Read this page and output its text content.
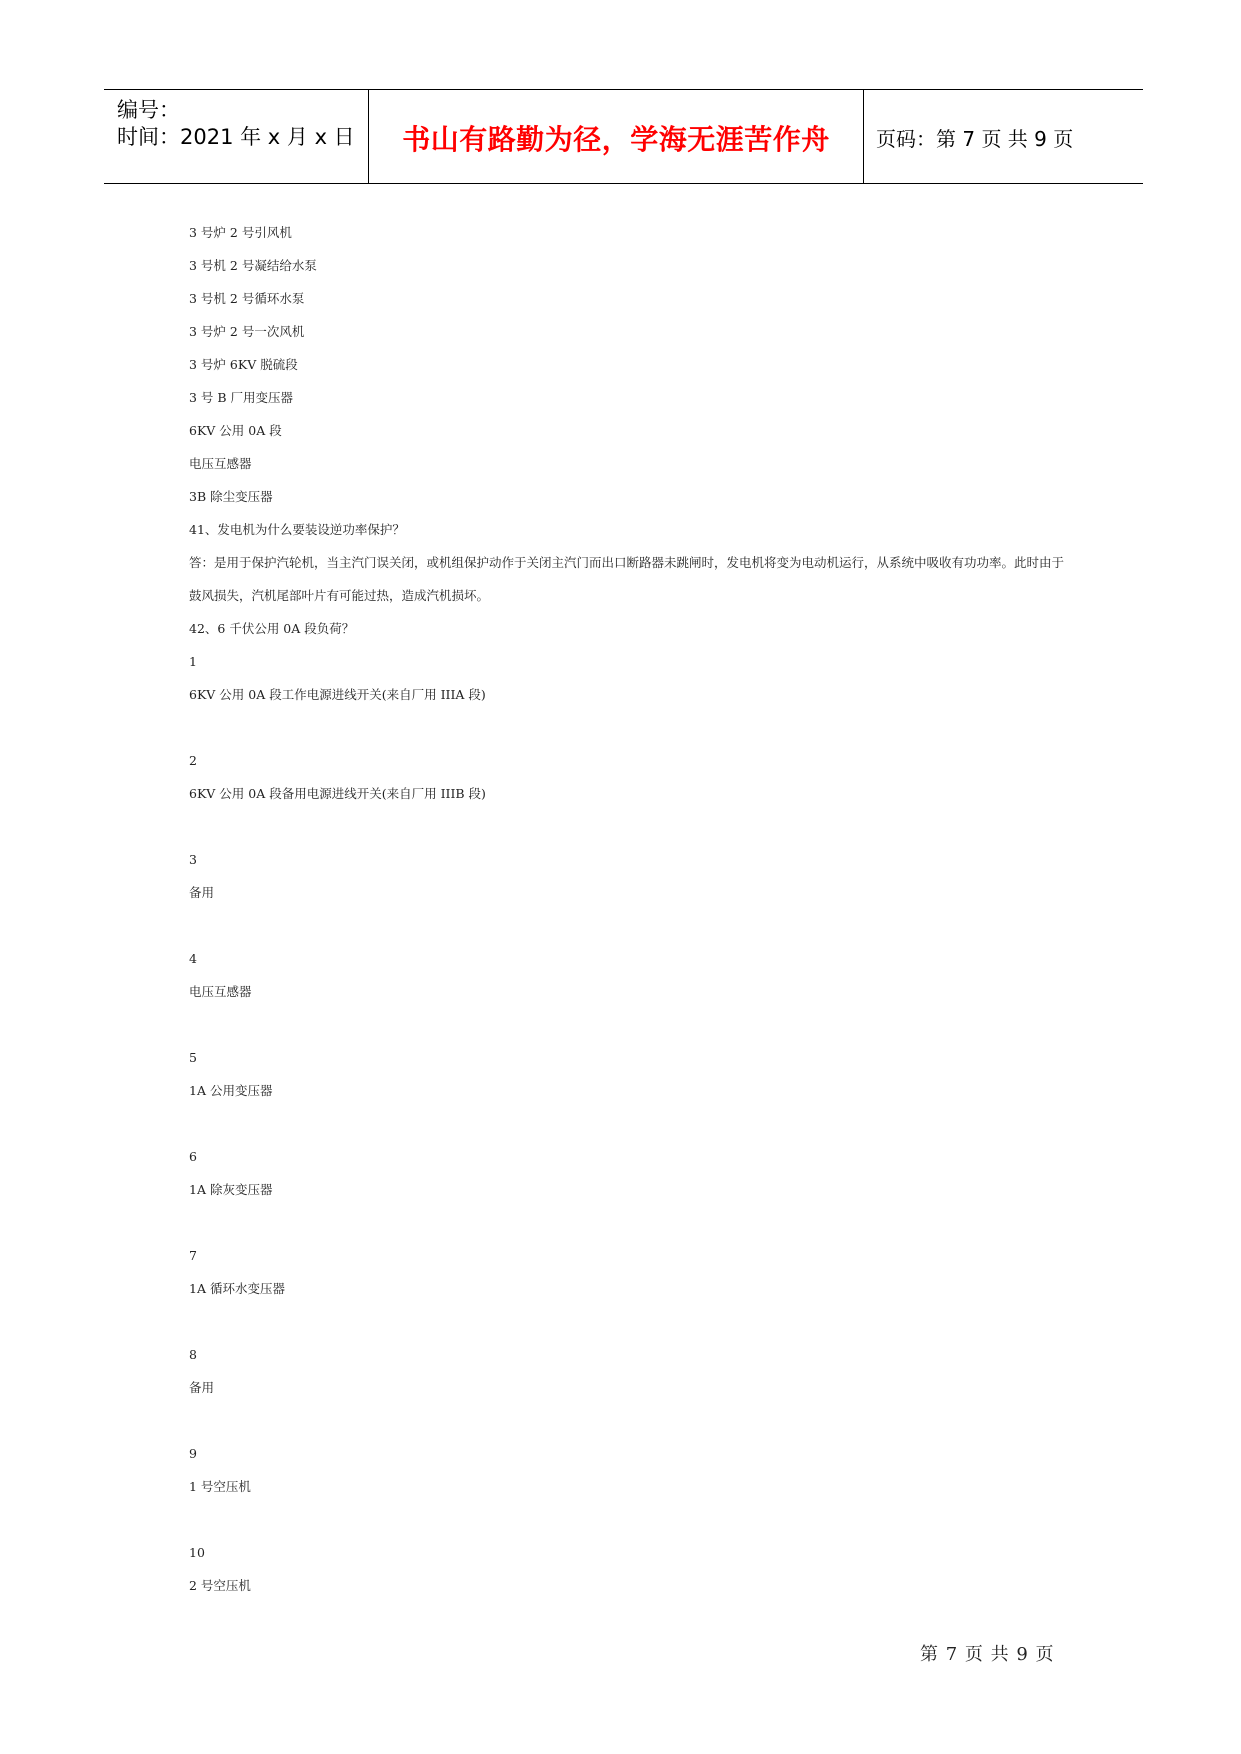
编号：
时间：2021 年 x 月 x 日	书山有路勤为径，学海无涯苦作舟	页码：第 7 页 共 9 页
3 号炉 2 号引风机
3 号机 2 号凝结给水泵
3 号机 2 号循环水泵
3 号炉 2 号一次风机
3 号炉 6KV 脱硫段
3 号 B 厂用变压器
6KV 公用 0A 段
电压互感器
3B 除尘变压器
41、发电机为什么要装设逆功率保护？
答：是用于保护汽轮机，当主汽门误关闭，或机组保护动作于关闭主汽门而出口断路器未跳闸时，发电机将变为电动机运行，从系统中吸收有功功率。此时由于鼓风损失，汽机尾部叶片有可能过热，造成汽机损坏。
42、6 千伏公用 0A 段负荷？
1
6KV 公用 0A 段工作电源进线开关(来自厂用 IIIA 段)
2
6KV 公用 0A 段备用电源进线开关(来自厂用 IIIB 段)
3
备用
4
电压互感器
5
1A 公用变压器
6
1A 除灰变压器
7
1A 循环水变压器
8
备用
9
1 号空压机
10
2 号空压机
第 7 页 共 9 页
